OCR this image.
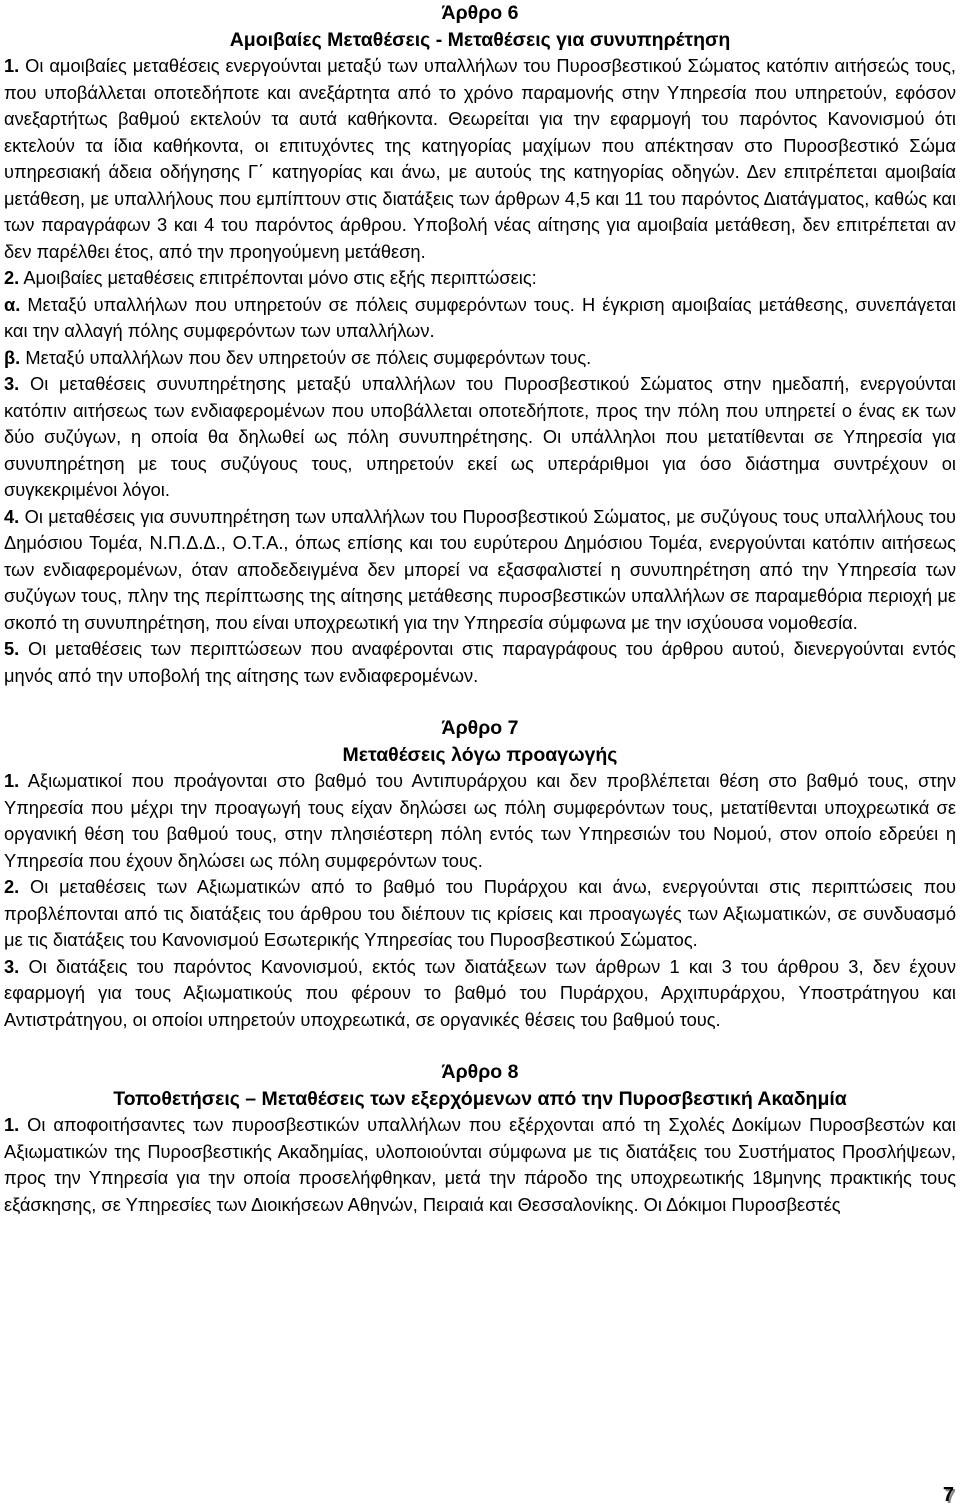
Άρθρο 6
Αμοιβαίες Μεταθέσεις - Μεταθέσεις για συνυπηρέτηση

1. Οι αμοιβαίες μεταθέσεις ενεργούνται μεταξύ των υπαλλήλων του Πυροσβεστικού Σώματος κατόπιν αιτήσεώς τους, που υποβάλλεται οποτεδήποτε και ανεξάρτητα από το χρόνο παραμονής στην Υπηρεσία που υπηρετούν, εφόσον ανεξαρτήτως βαθμού εκτελούν τα αυτά καθήκοντα. Θεωρείται για την εφαρμογή του παρόντος Κανονισμού ότι εκτελούν τα ίδια καθήκοντα, οι επιτυχόντες της κατηγορίας μαχίμων που απέκτησαν στο Πυροσβεστικό Σώμα υπηρεσιακή άδεια οδήγησης Γ΄ κατηγορίας και άνω, με αυτούς της κατηγορίας οδηγών. Δεν επιτρέπεται αμοιβαία μετάθεση, με υπαλλήλους που εμπίπτουν στις διατάξεις των άρθρων 4,5 και 11 του παρόντος Διατάγματος, καθώς και των παραγράφων 3 και 4 του παρόντος άρθρου. Υποβολή νέας αίτησης για αμοιβαία μετάθεση, δεν επιτρέπεται αν δεν παρέλθει έτος, από την προηγούμενη μετάθεση.

2. Αμοιβαίες μεταθέσεις επιτρέπονται μόνο στις εξής περιπτώσεις:

α. Μεταξύ υπαλλήλων που υπηρετούν σε πόλεις συμφερόντων τους. Η έγκριση αμοιβαίας μετάθεσης, συνεπάγεται και την αλλαγή πόλης συμφερόντων των υπαλλήλων.

β. Μεταξύ υπαλλήλων που δεν υπηρετούν σε πόλεις συμφερόντων τους.

3. Οι μεταθέσεις συνυπηρέτησης μεταξύ υπαλλήλων του Πυροσβεστικού Σώματος στην ημεδαπή, ενεργούνται κατόπιν αιτήσεως των ενδιαφερομένων που υποβάλλεται οποτεδήποτε, προς την πόλη που υπηρετεί ο ένας εκ των δύο συζύγων, η οποία θα δηλωθεί ως πόλη συνυπηρέτησης. Οι υπάλληλοι που μετατίθενται σε Υπηρεσία για συνυπηρέτηση με τους συζύγους τους, υπηρετούν εκεί ως υπεράριθμοι για όσο διάστημα συντρέχουν οι συγκεκριμένοι λόγοι.

4. Οι μεταθέσεις για συνυπηρέτηση των υπαλλήλων του Πυροσβεστικού Σώματος, με συζύγους τους υπαλλήλους του Δημόσιου Τομέα, Ν.Π.Δ.Δ., Ο.Τ.Α., όπως επίσης και του ευρύτερου Δημόσιου Τομέα, ενεργούνται κατόπιν αιτήσεως των ενδιαφερομένων, όταν αποδεδειγμένα δεν μπορεί να εξασφαλιστεί η συνυπηρέτηση από την Υπηρεσία των συζύγων τους, πλην της περίπτωσης της αίτησης μετάθεσης πυροσβεστικών υπαλλήλων σε παραμεθόρια περιοχή με σκοπό τη συνυπηρέτηση, που είναι υποχρεωτική για την Υπηρεσία σύμφωνα με την ισχύουσα νομοθεσία.

5. Οι μεταθέσεις των περιπτώσεων που αναφέρονται στις παραγράφους του άρθρου αυτού, διενεργούνται εντός μηνός από την υποβολή της αίτησης των ενδιαφερομένων.

Άρθρο 7
Μεταθέσεις λόγω προαγωγής

1. Αξιωματικοί που προάγονται στο βαθμό του Αντιπυράρχου και δεν προβλέπεται θέση στο βαθμό τους, στην Υπηρεσία που μέχρι την προαγωγή τους είχαν δηλώσει ως πόλη συμφερόντων τους, μετατίθενται υποχρεωτικά σε οργανική θέση του βαθμού τους, στην πλησιέστερη πόλη εντός των Υπηρεσιών του Νομού, στον οποίο εδρεύει η Υπηρεσία που έχουν δηλώσει ως πόλη συμφερόντων τους.

2. Οι μεταθέσεις των Αξιωματικών από το βαθμό του Πυράρχου και άνω, ενεργούνται στις περιπτώσεις που προβλέπονται από τις διατάξεις του άρθρου του διέπουν τις κρίσεις και προαγωγές των Αξιωματικών, σε συνδυασμό με τις διατάξεις του Κανονισμού Εσωτερικής Υπηρεσίας του Πυροσβεστικού Σώματος.

3. Οι διατάξεις του παρόντος Κανονισμού, εκτός των διατάξεων των άρθρων 1 και 3 του άρθρου 3, δεν έχουν εφαρμογή για τους Αξιωματικούς που φέρουν το βαθμό του Πυράρχου, Αρχιπυράρχου, Υποστράτηγου και Αντιστράτηγου, οι οποίοι υπηρετούν υποχρεωτικά, σε οργανικές θέσεις του βαθμού τους.

Άρθρο 8
Τοποθετήσεις – Μεταθέσεις των εξερχόμενων από την Πυροσβεστική Ακαδημία

1. Οι αποφοιτήσαντες των πυροσβεστικών υπαλλήλων που εξέρχονται από τη Σχολές Δοκίμων Πυροσβεστών και Αξιωματικών της Πυροσβεστικής Ακαδημίας, υλοποιούνται σύμφωνα με τις διατάξεις του Συστήματος Προσλήψεων, προς την Υπηρεσία για την οποία προσελήφθηκαν, μετά την πάροδο της υποχρεωτικής 18μηνης πρακτικής τους εξάσκησης, σε Υπηρεσίες των Διοικήσεων Αθηνών, Πειραιά και Θεσσαλονίκης. Οι Δόκιμοι Πυροσβεστές

7
